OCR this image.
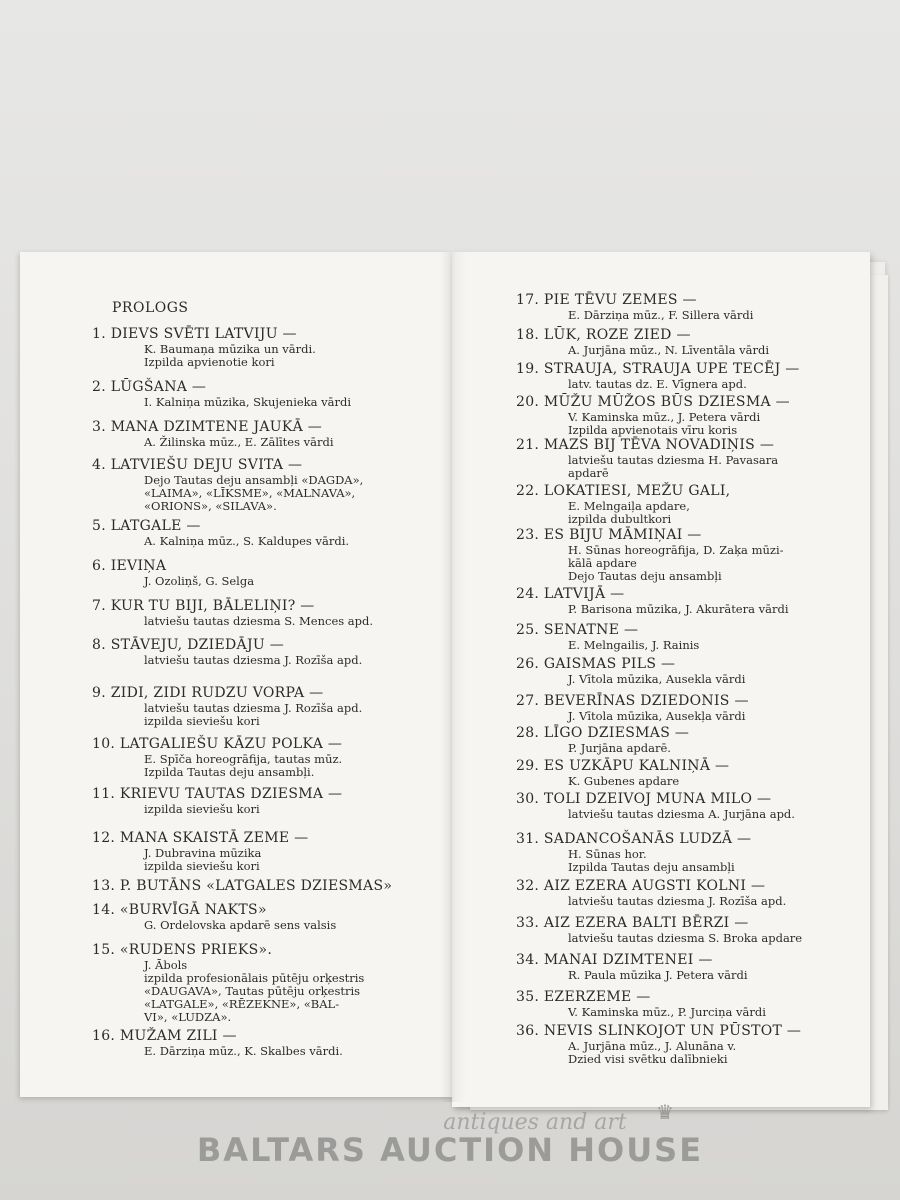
PROLOGS
1. DIEVS SVĒTI LATVIJU —
K. Baumaņa mūzika un vārdi.
Izpilda apvienotie kori
2. LŪGŠANA —
I. Kalniņa mūzika, Skujenieka vārdi
3. MANA DZIMTENE JAUKĀ —
A. Žilinska mūz., E. Zālītes vārdi
4. LATVIEŠU DEJU SVITA —
Dejo Tautas deju ansambļi «DAGDA»,
«LAIMA», «LĪKSME», «MALNAVA»,
«ORIONS», «SILAVA».
5. LATGALE —
A. Kalniņa mūz., S. Kaldupes vārdi.
6. IEVIŅA
J. Ozoliņš, G. Selga
7. KUR TU BIJI, BĀLELIŅI? —
latviešu tautas dziesma S. Mences apd.
8. STĀVEJU, DZIEDĀJU —
latviešu tautas dziesma J. Rozīša apd.
9. ZIDI, ZIDI RUDZU VORPA —
latviešu tautas dziesma J. Rozīša apd.
izpilda sieviešu kori
10. LATGALIEŠU KĀZU POLKA —
E. Spīča horeogrāfija, tautas mūz.
Izpilda Tautas deju ansambļi.
11. KRIEVU TAUTAS DZIESMA —
izpilda sieviešu kori
12. MANA SKAISTĀ ZEME —
J. Dubravina mūzika
izpilda sieviešu kori
13. P. BUTĀNS «LATGALES DZIESMAS»
14. «BURVĪGĀ NAKTS»
G. Ordelovska apdarē sens valsis
15. «RUDENS PRIEKS».
J. Ābols
izpilda profesionālais pūtēju orķestris
«DAUGAVA», Tautas pūtēju orķestris
«LATGALE», «RĒZEKNE», «BAL-
VI», «LUDZA».
16. MUŽAM ZILI —
E. Dārziņa mūz., K. Skalbes vārdi.
17. PIE TĒVU ZEMES —
E. Dārziņa mūz., F. Sillera vārdi
18. LŪK, ROZE ZIED —
A. Jurjāna mūz., N. Līventāla vārdi
19. STRAUJA, STRAUJA UPE TECĒJ —
latv. tautas dz. E. Vīgnera apd.
20. MŪŽU MŪŽOS BŪS DZIESMA —
V. Kaminska mūz., J. Petera vārdi
Izpilda apvienotais vīru koris
21. MAZS BIJ TĒVA NOVADIŅIS —
latviešu tautas dziesma H. Pavasara
apdarē
22. LOKATIESI, MEŽU GALI,
E. Melngaiļa apdare,
izpilda dubultkori
23. ES BIJU MĀMIŅAI —
H. Sūnas horeogrāfija, D. Zaķa mūzi-
kālā apdare
Dejo Tautas deju ansambļi
24. LATVIJĀ —
P. Barisona mūzika, J. Akurātera vārdi
25. SENATNE —
E. Melngailis, J. Rainis
26. GAISMAS PILS —
J. Vītola mūzika, Auseklа vārdi
27. BEVERĪNAS DZIEDONIS —
J. Vītola mūzika, Ausekļa vārdi
28. LĪGO DZIESMAS —
P. Jurjāna apdarē.
29. ES UZKĀPU KALNIŅĀ —
K. Gubenes apdare
30. TOLI DZEIVOJ MUNA MILO —
latviešu tautas dziesma A. Jurjāna apd.
31. SADANCOŠANĀS LUDZĀ —
H. Sūnas hor.
Izpilda Tautas deju ansambļi
32. AIZ EZERA AUGSTI KOLNI —
latviešu tautas dziesma J. Rozīša apd.
33. AIZ EZERA BALTI BĒRZI —
latviešu tautas dziesma S. Broka apdare
34. MANAI DZIMTENEI —
R. Paula mūzika J. Petera vārdi
35. EZERZEME —
V. Kaminska mūz., P. Jurciņa vārdi
36. NEVIS SLINKOJOT UN PŪSTOT —
A. Jurjāna mūz., J. Alunāna v.
Dzied visi svētku dalībnieki
antiques and art
BALTARS AUCTION HOUSE
♛
